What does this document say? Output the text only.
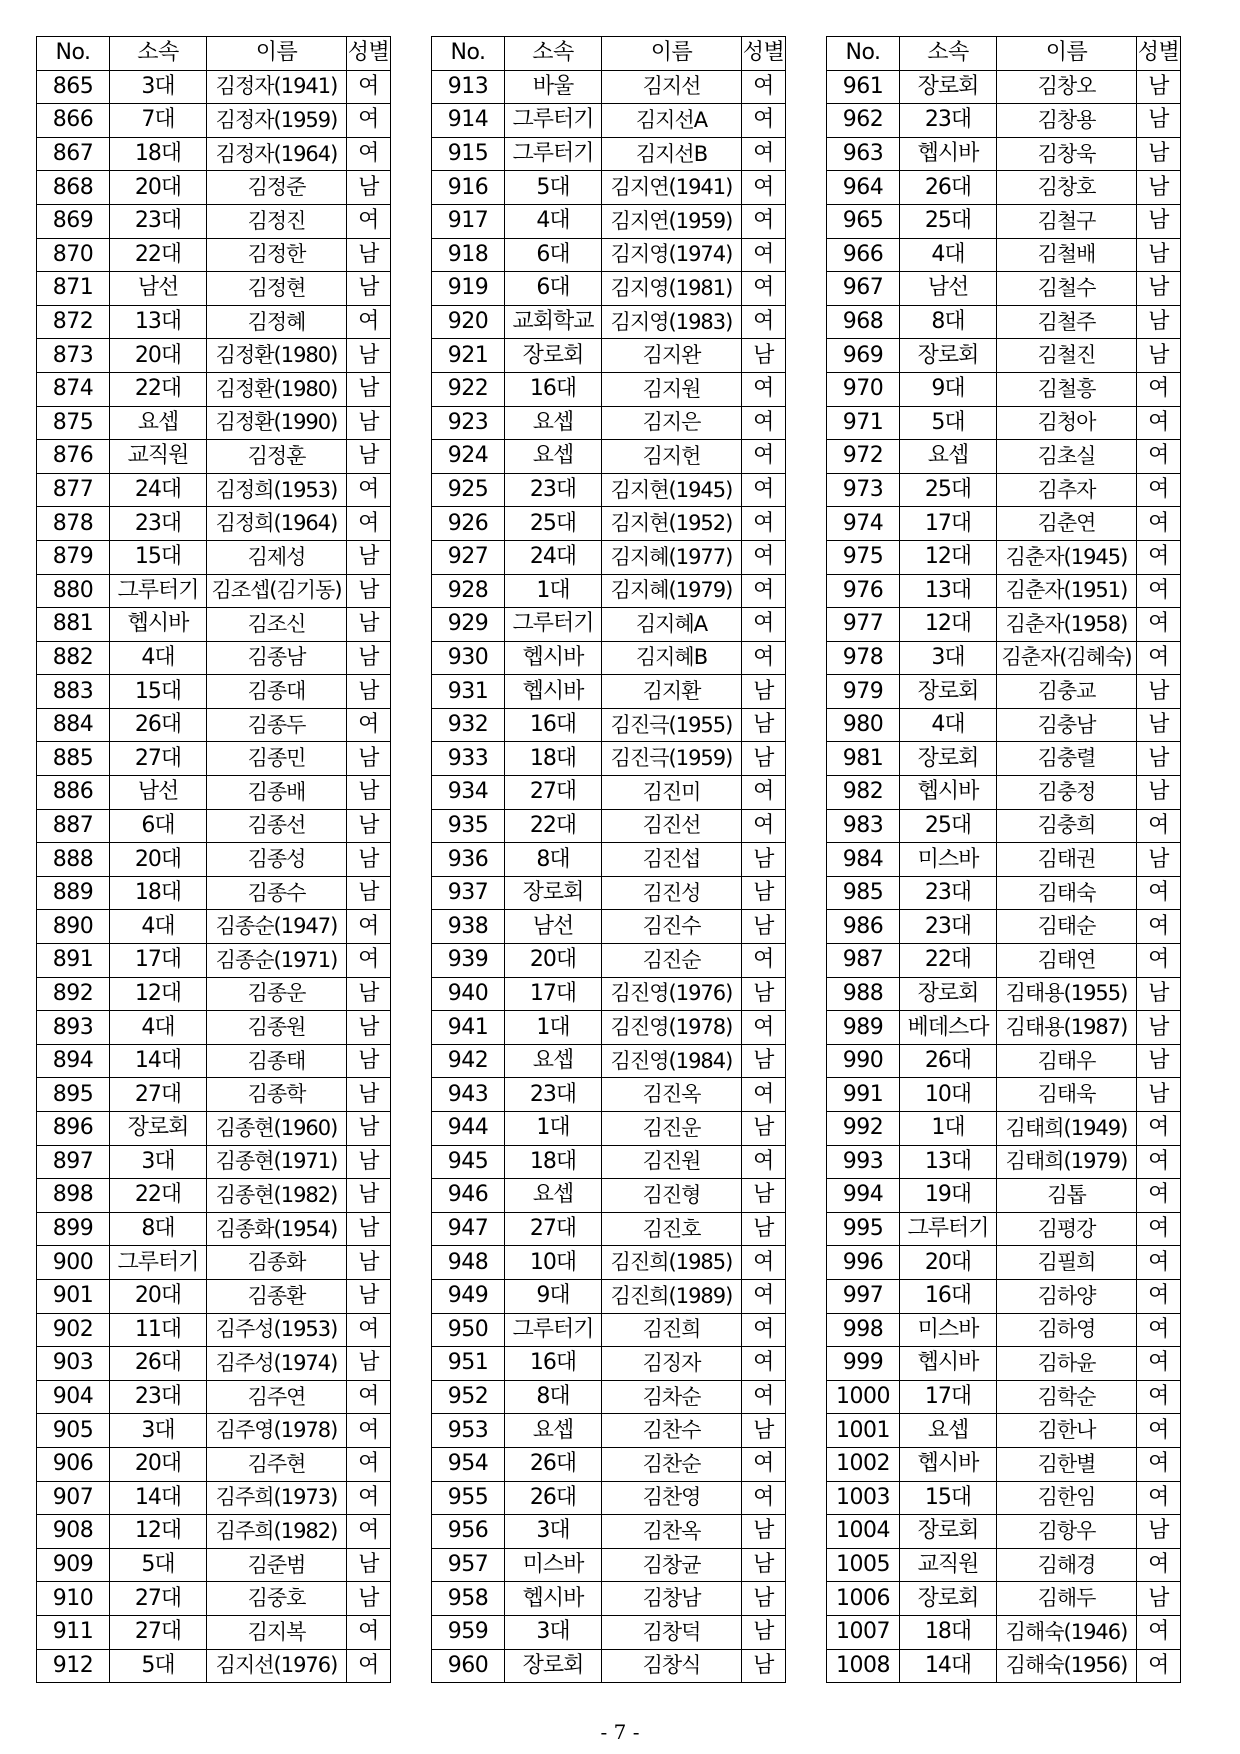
No.	소속	이름	성별
865	3대	김정자(1941)	여
866	7대	김정자(1959)	여
867	18대	김정자(1964)	여
868	20대	김정준	남
869	23대	김정진	여
870	22대	김정한	남
871	남선	김정현	남
872	13대	김정혜	여
873	20대	김정환(1980)	남
874	22대	김정환(1980)	남
875	요셉	김정환(1990)	남
876	교직원	김정훈	남
877	24대	김정희(1953)	여
878	23대	김정희(1964)	여
879	15대	김제성	남
880	그루터기	김조셉(김기동)	남
881	헵시바	김조신	남
882	4대	김종남	남
883	15대	김종대	남
884	26대	김종두	여
885	27대	김종민	남
886	남선	김종배	남
887	6대	김종선	남
888	20대	김종성	남
889	18대	김종수	남
890	4대	김종순(1947)	여
891	17대	김종순(1971)	여
892	12대	김종운	남
893	4대	김종원	남
894	14대	김종태	남
895	27대	김종학	남
896	장로회	김종현(1960)	남
897	3대	김종현(1971)	남
898	22대	김종현(1982)	남
899	8대	김종화(1954)	남
900	그루터기	김종화	남
901	20대	김종환	남
902	11대	김주성(1953)	여
903	26대	김주성(1974)	남
904	23대	김주연	여
905	3대	김주영(1978)	여
906	20대	김주현	여
907	14대	김주희(1973)	여
908	12대	김주희(1982)	여
909	5대	김준범	남
910	27대	김중호	남
911	27대	김지복	여
912	5대	김지선(1976)	여
No.	소속	이름	성별
913	바울	김지선	여
914	그루터기	김지선A	여
915	그루터기	김지선B	여
916	5대	김지연(1941)	여
917	4대	김지연(1959)	여
918	6대	김지영(1974)	여
919	6대	김지영(1981)	여
920	교회학교	김지영(1983)	여
921	장로회	김지완	남
922	16대	김지원	여
923	요셉	김지은	여
924	요셉	김지헌	여
925	23대	김지현(1945)	여
926	25대	김지현(1952)	여
927	24대	김지혜(1977)	여
928	1대	김지혜(1979)	여
929	그루터기	김지혜A	여
930	헵시바	김지혜B	여
931	헵시바	김지환	남
932	16대	김진극(1955)	남
933	18대	김진극(1959)	남
934	27대	김진미	여
935	22대	김진선	여
936	8대	김진섭	남
937	장로회	김진성	남
938	남선	김진수	남
939	20대	김진순	여
940	17대	김진영(1976)	남
941	1대	김진영(1978)	여
942	요셉	김진영(1984)	남
943	23대	김진옥	여
944	1대	김진운	남
945	18대	김진원	여
946	요셉	김진형	남
947	27대	김진호	남
948	10대	김진희(1985)	여
949	9대	김진희(1989)	여
950	그루터기	김진희	여
951	16대	김징자	여
952	8대	김차순	여
953	요셉	김찬수	남
954	26대	김찬순	여
955	26대	김찬영	여
956	3대	김찬옥	남
957	미스바	김창균	남
958	헵시바	김창남	남
959	3대	김창덕	남
960	장로회	김창식	남
No.	소속	이름	성별
961	장로회	김창오	남
962	23대	김창용	남
963	헵시바	김창욱	남
964	26대	김창호	남
965	25대	김철구	남
966	4대	김철배	남
967	남선	김철수	남
968	8대	김철주	남
969	장로회	김철진	남
970	9대	김철흥	여
971	5대	김청아	여
972	요셉	김초실	여
973	25대	김추자	여
974	17대	김춘연	여
975	12대	김춘자(1945)	여
976	13대	김춘자(1951)	여
977	12대	김춘자(1958)	여
978	3대	김춘자(김혜숙)	여
979	장로회	김충교	남
980	4대	김충남	남
981	장로회	김충렬	남
982	헵시바	김충정	남
983	25대	김충희	여
984	미스바	김태권	남
985	23대	김태숙	여
986	23대	김태순	여
987	22대	김태연	여
988	장로회	김태용(1955)	남
989	베데스다	김태용(1987)	남
990	26대	김태우	남
991	10대	김태욱	남
992	1대	김태희(1949)	여
993	13대	김태희(1979)	여
994	19대	김톱	여
995	그루터기	김평강	여
996	20대	김필희	여
997	16대	김하양	여
998	미스바	김하영	여
999	헵시바	김하윤	여
1000	17대	김학순	여
1001	요셉	김한나	여
1002	헵시바	김한별	여
1003	15대	김한임	여
1004	장로회	김항우	남
1005	교직원	김해경	여
1006	장로회	김해두	남
1007	18대	김해숙(1946)	여
1008	14대	김해숙(1956)	여
- 7 -
